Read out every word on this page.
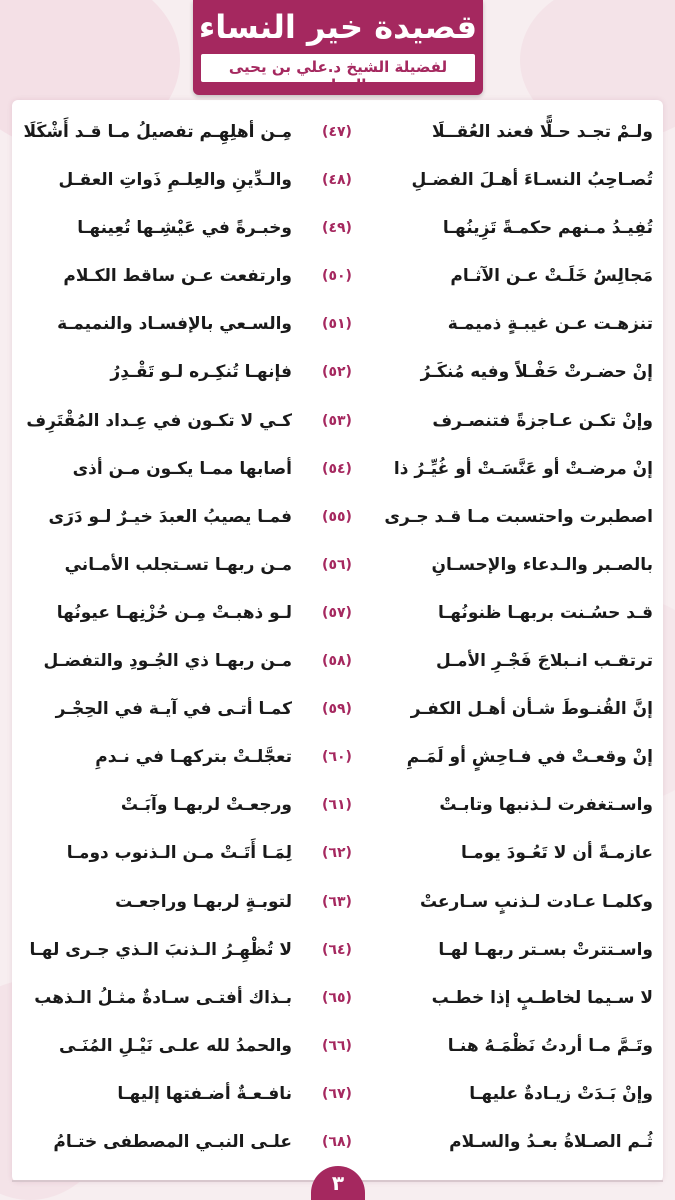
قصيدة خير النساء
لفضيلة الشيخ د.علي بن يحيى الحدادي
ولـمْ تجـد حـلًّا فعند العُقــلَا
(٤٧)
مِـن أهلِهِـم تفصيلُ مـا قـد أَشْكَلَا
تُصـاحِبُ النسـاءَ أهـلَ الفضـلِ
(٤٨)
والـدِّينِ والعِلـمِ ذَواتِ العقـل
تُفِيـدُ مـنهم حكمـةً تَزِينُهـا
(٤٩)
وخبـرةً في عَيْشِـها تُعِينهـا
مَجالِسُ خَلَـتْ عـن الآثـام
(٥٠)
وارتفعت عـن ساقط الكـلام
تنزهـت عـن غيبـةٍ ذميمـة
(٥١)
والسـعي بالإفسـاد والنميمـة
إنْ حضـرتْ حَفْـلاً وفيه مُنكَـرُ
(٥٢)
فإنهـا تُنكِـره لـو تَقْـدِرُ
وإنْ تكـن عـاجزةً فتنصـرف
(٥٣)
كـي لا تكـون في عِـداد المُقْتَرِف
إنْ مرضـتْ أو عَنَّسَـتْ أو غُيِّـرُ ذا
(٥٤)
أصابها ممـا يكـون مـن أذى
اصطبرت واحتسبت مـا قـد جـرى
(٥٥)
فمـا يصيبُ العبدَ خيـرٌ لـو دَرَى
بالصـبر والـدعاء والإحسـانِ
(٥٦)
مـن ربهـا تسـتجلب الأمـاني
قـد حسُـنت بربهـا ظنونُهـا
(٥٧)
لـو ذهبـتْ مِـن حُزْنِهـا عيونُها
ترتقـب انـبلاجَ فَجْـرِ الأمـل
(٥٨)
مـن ربهـا ذي الجُـودِ والتفضـل
إنَّ القُنـوطَ شـأن أهـل الكفـر
(٥٩)
كمـا أتـى في آيـة في الحِجْـر
إنْ وقعـتْ في فـاحِشٍ أو لَمَـمِ
(٦٠)
تعجَّلـتْ بتركهـا في نـدمِ
واسـتغفرت لـذنبها وتابـتْ
(٦١)
ورجعـتْ لربهـا وآبَـتْ
عازمـةً أن لا تَعُـودَ يومـا
(٦٢)
لِمَـا أَتَـتْ مـن الـذنوب دومـا
وكلمـا عـادت لـذنبٍ سـارعتْ
(٦٣)
لتوبـةٍ لربهـا وراجعـت
واسـتترتْ بسـتر ربهـا لهـا
(٦٤)
لا تُظْهِـرُ الـذنبَ الـذي جـرى لهـا
لا سـيما لخاطـبٍ إذا خطـب
(٦٥)
بـذاك أفتـى سـادةٌ مثـلُ الـذهب
وتَـمَّ مـا أردتُ نَظْمَـهُ هنـا
(٦٦)
والحمدُ لله علـى نَيْـلِ المُنَـى
وإنْ بَـدَتْ زيـادةٌ عليهـا
(٦٧)
نافـعـةٌ أضـفتها إليهـا
ثُـم الصـلاةُ بعـدُ والسـلام
(٦٨)
علـى النبـي المصطفى ختـامُ
٣
